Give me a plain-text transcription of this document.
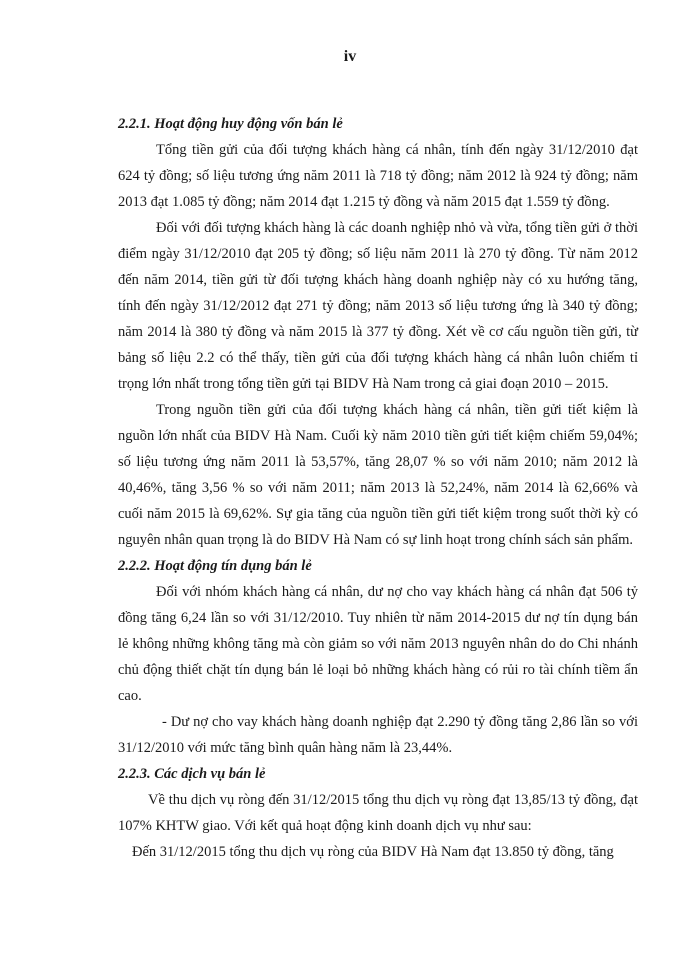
iv

2.2.1. Hoạt động huy động vốn bán lẻ

Tổng tiền gửi của đối tượng khách hàng cá nhân, tính đến ngày 31/12/2010 đạt 624 tỷ đồng; số liệu tương ứng năm 2011 là 718 tỷ đồng; năm 2012 là 924 tỷ đồng; năm 2013 đạt 1.085 tỷ đồng; năm 2014 đạt 1.215 tỷ đồng và năm 2015 đạt 1.559 tỷ đồng.

Đối với đối tượng khách hàng là các doanh nghiệp nhỏ và vừa, tổng tiền gửi ở thời điểm ngày 31/12/2010 đạt 205 tỷ đồng; số liệu năm 2011 là 270 tỷ đồng. Từ năm 2012 đến năm 2014, tiền gửi từ đối tượng khách hàng doanh nghiệp này có xu hướng tăng, tính đến ngày 31/12/2012 đạt 271 tỷ đồng; năm 2013 số liệu tương ứng là 340 tỷ đồng; năm 2014 là 380 tỷ đồng và năm 2015 là 377 tỷ đồng. Xét về cơ cấu nguồn tiền gửi, từ bảng số liệu 2.2 có thể thấy, tiền gửi của đối tượng khách hàng cá nhân luôn chiếm tỉ trọng lớn nhất trong tổng tiền gửi tại BIDV Hà Nam trong cả giai đoạn 2010 – 2015.

Trong nguồn tiền gửi của đối tượng khách hàng cá nhân, tiền gửi tiết kiệm là nguồn lớn nhất của BIDV Hà Nam. Cuối kỳ năm 2010 tiền gửi tiết kiệm chiếm 59,04%; số liệu tương ứng năm 2011 là 53,57%, tăng 28,07 % so với năm 2010; năm 2012 là 40,46%, tăng 3,56 % so với năm 2011; năm 2013 là 52,24%, năm 2014 là 62,66% và cuối năm 2015 là 69,62%. Sự gia tăng của nguồn tiền gửi tiết kiệm trong suốt thời kỳ có nguyên nhân quan trọng là do BIDV Hà Nam có sự linh hoạt trong chính sách sản phẩm.

2.2.2. Hoạt động tín dụng bán lẻ

Đối với nhóm khách hàng cá nhân, dư nợ cho vay khách hàng cá nhân đạt 506 tỷ đồng tăng 6,24 lần so với 31/12/2010. Tuy nhiên từ năm 2014-2015 dư nợ tín dụng bán lẻ không những không tăng mà còn giảm so với năm 2013 nguyên nhân do do Chi nhánh chủ động thiết chặt tín dụng bán lẻ loại bỏ những khách hàng có rủi ro tài chính tiềm ẩn cao.

- Dư nợ cho vay khách hàng doanh nghiệp đạt 2.290 tỷ đồng tăng 2,86 lần so với 31/12/2010 với mức tăng bình quân hàng năm là 23,44%.

2.2.3. Các dịch vụ bán lẻ

Về thu dịch vụ ròng đến 31/12/2015 tổng thu dịch vụ ròng đạt 13,85/13 tỷ đồng, đạt 107% KHTW giao. Với kết quả hoạt động kinh doanh dịch vụ như sau:

Đến 31/12/2015 tổng thu dịch vụ ròng của BIDV Hà Nam đạt 13.850 tỷ đồng, tăng
